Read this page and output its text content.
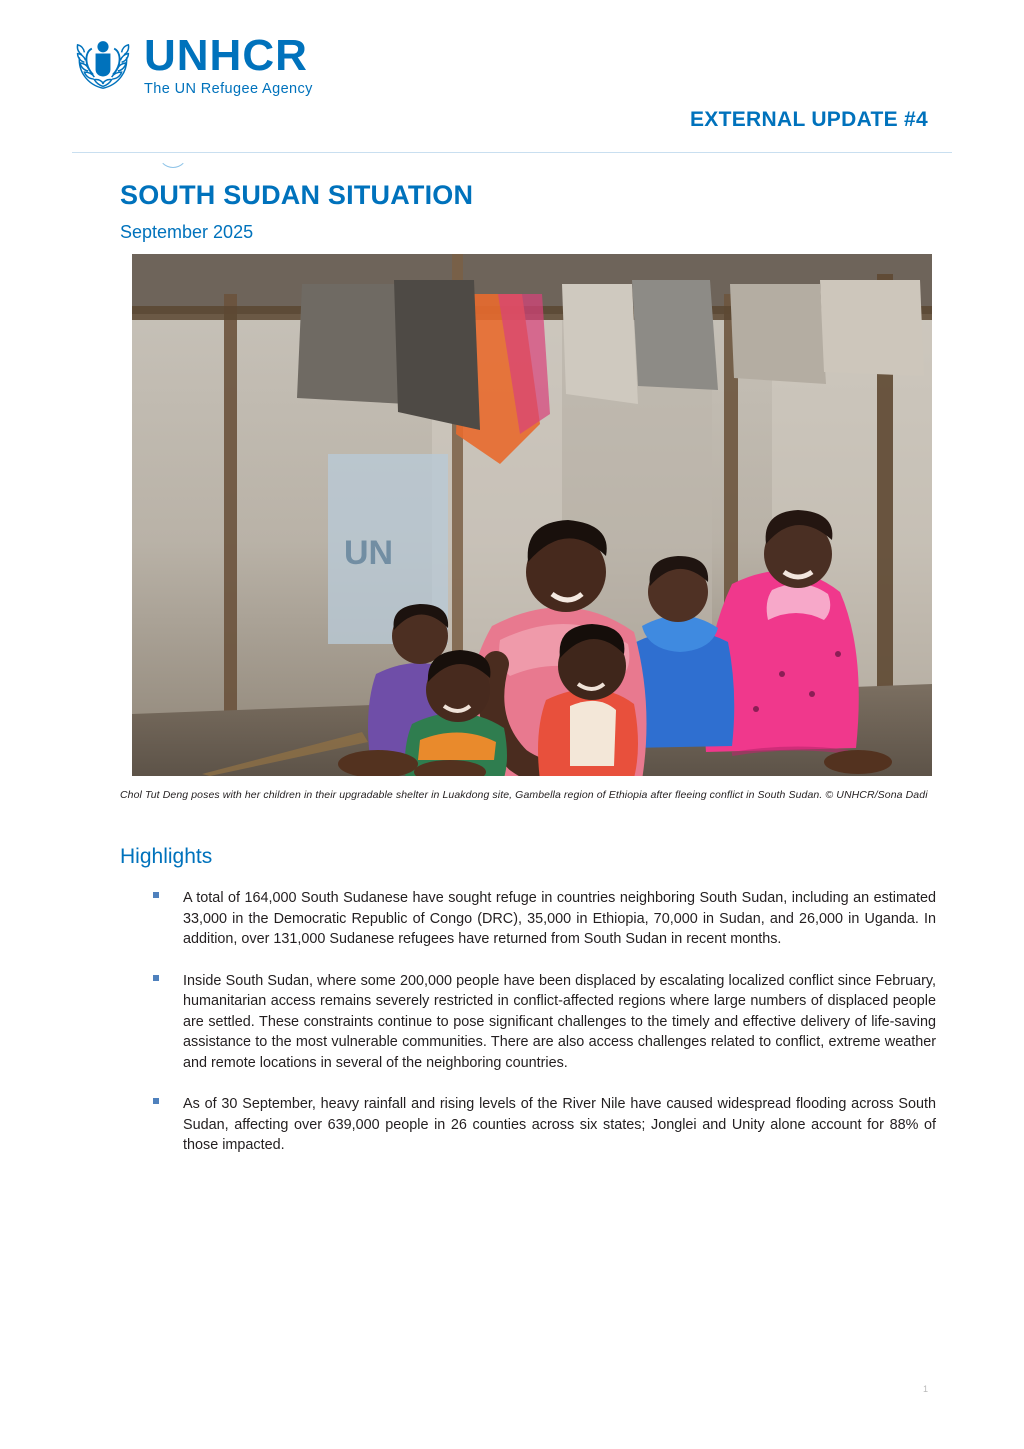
UNHCR
The UN Refugee Agency
EXTERNAL UPDATE #4
SOUTH SUDAN SITUATION
September 2025
UN
Chol Tut Deng poses with her children in their upgradable shelter in Luakdong site, Gambella region of Ethiopia after fleeing conflict in South Sudan. © UNHCR/Sona Dadi
Highlights
A total of 164,000 South Sudanese have sought refuge in countries neighboring South Sudan, including an estimated 33,000 in the Democratic Republic of Congo (DRC), 35,000 in Ethiopia, 70,000 in Sudan, and 26,000 in Uganda. In addition, over 131,000 Sudanese refugees have returned from South Sudan in recent months.
Inside South Sudan, where some 200,000 people have been displaced by escalating localized conflict since February, humanitarian access remains severely restricted in conflict-affected regions where large numbers of displaced people are settled. These constraints continue to pose significant challenges to the timely and effective delivery of life-saving assistance to the most vulnerable communities. There are also access challenges related to conflict, extreme weather and remote locations in several of the neighboring countries.
As of 30 September, heavy rainfall and rising levels of the River Nile have caused widespread flooding across South Sudan, affecting over 639,000 people in 26 counties across six states; Jonglei and Unity alone account for 88% of those impacted.
1
